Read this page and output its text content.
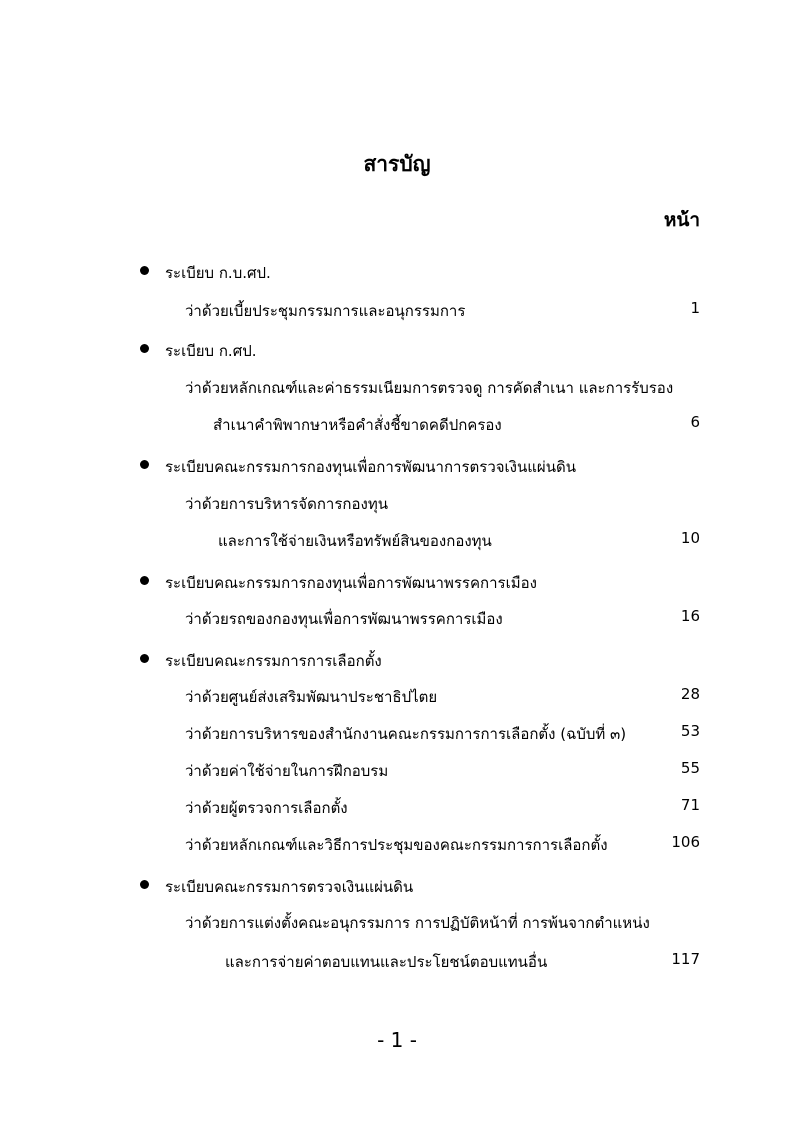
สารบัญ
หน้า
ระเบียบ ก.บ.ศป.
ว่าด้วยเบี้ยประชุมกรรมการและอนุกรรมการ	1
ระเบียบ ก.ศป.
ว่าด้วยหลักเกณฑ์และค่าธรรมเนียมการตรวจดู การคัดสำเนา และการรับรอง
สำเนาคำพิพากษาหรือคำสั่งชี้ขาดคดีปกครอง	6
ระเบียบคณะกรรมการกองทุนเพื่อการพัฒนาการตรวจเงินแผ่นดิน
ว่าด้วยการบริหารจัดการกองทุน
และการใช้จ่ายเงินหรือทรัพย์สินของกองทุน	10
ระเบียบคณะกรรมการกองทุนเพื่อการพัฒนาพรรคการเมือง
ว่าด้วยรถของกองทุนเพื่อการพัฒนาพรรคการเมือง	16
ระเบียบคณะกรรมการการเลือกตั้ง
ว่าด้วยศูนย์ส่งเสริมพัฒนาประชาธิปไตย	28
ว่าด้วยการบริหารของสำนักงานคณะกรรมการการเลือกตั้ง (ฉบับที่ ๓)	53
ว่าด้วยค่าใช้จ่ายในการฝึกอบรม	55
ว่าด้วยผู้ตรวจการเลือกตั้ง	71
ว่าด้วยหลักเกณฑ์และวิธีการประชุมของคณะกรรมการการเลือกตั้ง	106
ระเบียบคณะกรรมการตรวจเงินแผ่นดิน
ว่าด้วยการแต่งตั้งคณะอนุกรรมการ การปฏิบัติหน้าที่ การพ้นจากตำแหน่ง
และการจ่ายค่าตอบแทนและประโยชน์ตอบแทนอื่น	117
- 1 -
